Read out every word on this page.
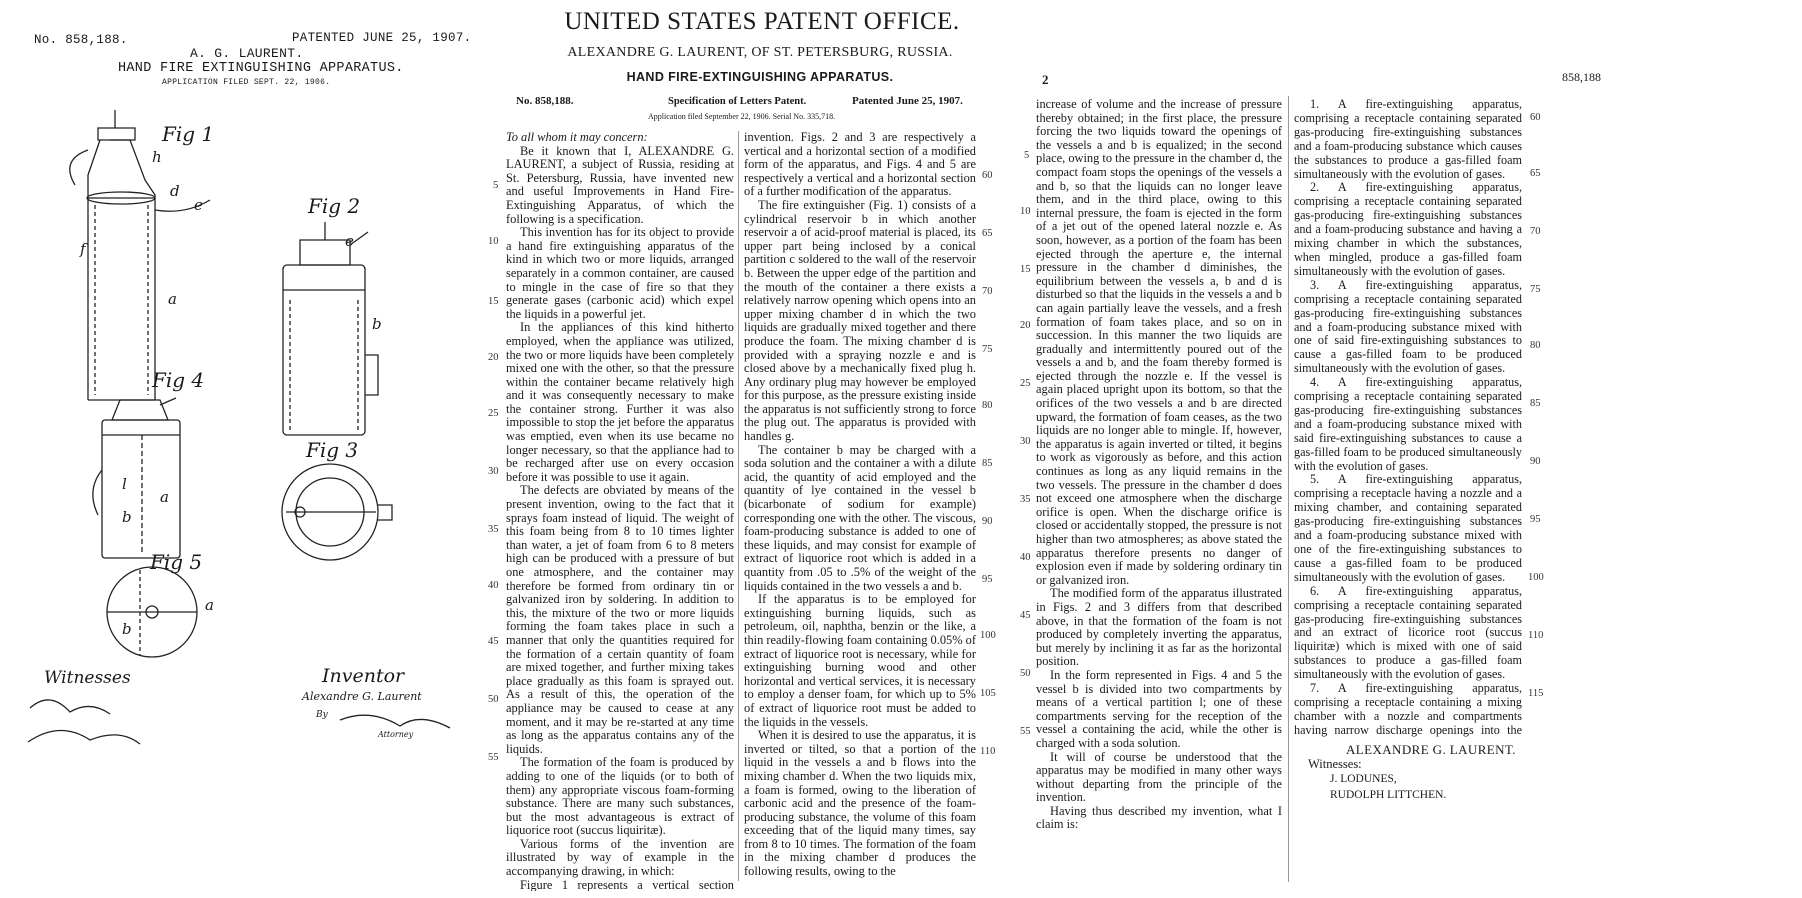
No. 858,188.	PATENTED JUNE 25, 1907.
A. G. LAURENT.
HAND FIRE EXTINGUISHING APPARATUS.
APPLICATION FILED SEPT. 22, 1906.
Fig 1
Fig 2
Fig 4
Fig 3
Fig 5
h
d
e
f
a
e
b
l
a
b
a
b
Witnesses	Inventor
Alexandre G. Laurent
By
Attorney
UNITED STATES PATENT OFFICE.
ALEXANDRE G. LAURENT, OF ST. PETERSBURG, RUSSIA.
HAND FIRE-EXTINGUISHING APPARATUS.
No. 858,188.	Specification of Letters Patent.	Patented June 25, 1907.
Application filed September 22, 1906. Serial No. 335,718.

To all whom it may concern:

Be it known that I, ALEXANDRE G. LAURENT, a subject of Russia, residing at St. Petersburg, Russia, have invented new and useful Improvements in Hand Fire-Extinguishing Apparatus, of which the following is a specification.

This invention has for its object to provide a hand fire extinguishing apparatus of the kind in which two or more liquids, arranged separately in a common container, are caused to mingle in the case of fire so that they generate gases (carbonic acid) which expel the liquids in a powerful jet.

In the appliances of this kind hitherto employed, when the appliance was utilized, the two or more liquids have been completely mixed one with the other, so that the pressure within the container became relatively high and it was consequently necessary to make the container strong. Further it was also impossible to stop the jet before the apparatus was emptied, even when its use became no longer necessary, so that the appliance had to be recharged after use on every occasion before it was possible to use it again.

The defects are obviated by means of the present invention, owing to the fact that it sprays foam instead of liquid. The weight of this foam being from 8 to 10 times lighter than water, a jet of foam from 6 to 8 meters high can be produced with a pressure of but one atmosphere, and the container may therefore be formed from ordinary tin or galvanized iron by soldering. In addition to this, the mixture of the two or more liquids forming the foam takes place in such a manner that only the quantities required for the formation of a certain quantity of foam are mixed together, and further mixing takes place gradually as this foam is sprayed out. As a result of this, the operation of the appliance may be caused to cease at any moment, and it may be re-started at any time as long as the apparatus contains any of the liquids.

The formation of the foam is produced by adding to one of the liquids (or to both of them) any appropriate viscous foam-forming substance. There are many such substances, but the most advantageous is extract of liquorice root (succus liquiritæ).

Various forms of the invention are illustrated by way of example in the accompanying drawing, in which:

Figure 1 represents a vertical section

invention. Figs. 2 and 3 are respectively a vertical and a horizontal section of a modified form of the apparatus, and Figs. 4 and 5 are respectively a vertical and a horizontal section of a further modification of the apparatus.

The fire extinguisher (Fig. 1) consists of a cylindrical reservoir b in which another reservoir a of acid-proof material is placed, its upper part being inclosed by a conical partition c soldered to the wall of the reservoir b. Between the upper edge of the partition and the mouth of the container a there exists a relatively narrow opening which opens into an upper mixing chamber d in which the two liquids are gradually mixed together and there produce the foam. The mixing chamber d is provided with a spraying nozzle e and is closed above by a mechanically fixed plug h. Any ordinary plug may however be employed for this purpose, as the pressure existing inside the apparatus is not sufficiently strong to force the plug out. The apparatus is provided with handles g.

The container b may be charged with a soda solution and the container a with a dilute acid, the quantity of acid employed and the quantity of lye contained in the vessel b (bicarbonate of sodium for example) corresponding one with the other. The viscous, foam-producing substance is added to one of these liquids, and may consist for example of extract of liquorice root which is added in a quantity from .05 to .5% of the weight of the liquids contained in the two vessels a and b.

If the apparatus is to be employed for extinguishing burning liquids, such as petroleum, oil, naphtha, benzin or the like, a thin readily-flowing foam containing 0.05% of extract of liquorice root is necessary, while for extinguishing burning wood and other horizontal and vertical services, it is necessary to employ a denser foam, for which up to 5% of extract of liquorice root must be added to the liquids in the vessels.

When it is desired to use the apparatus, it is inverted or tilted, so that a portion of the liquid in the vessels a and b flows into the mixing chamber d. When the two liquids mix, a foam is formed, owing to the liberation of carbonic acid and the presence of the foam-producing substance, the volume of this foam exceeding that of the liquid many times, say from 8 to 10 times. The formation of the foam in the mixing chamber d produces the following results, owing to the

5
10
15
20
25
30
35
40
45
50
55
60
65
70
75
80
85
90
95
100
105
110
2	858,188

increase of volume and the increase of pressure thereby obtained; in the first place, the pressure forcing the two liquids toward the openings of the vessels a and b is equalized; in the second place, owing to the pressure in the chamber d, the compact foam stops the openings of the vessels a and b, so that the liquids can no longer leave them, and in the third place, owing to this internal pressure, the foam is ejected in the form of a jet out of the opened lateral nozzle e. As soon, however, as a portion of the foam has been ejected through the aperture e, the internal pressure in the chamber d diminishes, the equilibrium between the vessels a, b and d is disturbed so that the liquids in the vessels a and b can again partially leave the vessels, and a fresh formation of foam takes place, and so on in succession. In this manner the two liquids are gradually and intermittently poured out of the vessels a and b, and the foam thereby formed is ejected through the nozzle e. If the vessel is again placed upright upon its bottom, so that the orifices of the two vessels a and b are directed upward, the formation of foam ceases, as the two liquids are no longer able to mingle. If, however, the apparatus is again inverted or tilted, it begins to work as vigorously as before, and this action continues as long as any liquid remains in the two vessels. The pressure in the chamber d does not exceed one atmosphere when the discharge orifice is open. When the discharge orifice is closed or accidentally stopped, the pressure is not higher than two atmospheres; as above stated the apparatus therefore presents no danger of explosion even if made by soldering ordinary tin or galvanized iron.

The modified form of the apparatus illustrated in Figs. 2 and 3 differs from that described above, in that the formation of the foam is not produced by completely inverting the apparatus, but merely by inclining it as far as the horizontal position.

In the form represented in Figs. 4 and 5 the vessel b is divided into two compartments by means of a vertical partition l; one of these compartments serving for the reception of the vessel a containing the acid, while the other is charged with a soda solution.

It will of course be understood that the apparatus may be modified in many other ways without departing from the principle of the invention.

Having thus described my invention, what I claim is:

1. A fire-extinguishing apparatus, comprising a receptacle containing separated gas-producing fire-extinguishing substances and a foam-producing substance which causes the substances to produce a gas-filled foam simultaneously with the evolution of gases.

2. A fire-extinguishing apparatus, comprising a receptacle containing separated gas-producing fire-extinguishing substances and a foam-producing substance and having a mixing chamber in which the substances, when mingled, produce a gas-filled foam simultaneously with the evolution of gases.

3. A fire-extinguishing apparatus, comprising a receptacle containing separated gas-producing fire-extinguishing substances and a foam-producing substance mixed with one of said fire-extinguishing substances to cause a gas-filled foam to be produced simultaneously with the evolution of gases.

4. A fire-extinguishing apparatus, comprising a receptacle containing separated gas-producing fire-extinguishing substances and a foam-producing substance mixed with said fire-extinguishing substances to cause a gas-filled foam to be produced simultaneously with the evolution of gases.

5. A fire-extinguishing apparatus, comprising a receptacle having a nozzle and a mixing chamber, and containing separated gas-producing fire-extinguishing substances and a foam-producing substance mixed with one of the fire-extinguishing substances to cause a gas-filled foam to be produced simultaneously with the evolution of gases.

6. A fire-extinguishing apparatus, comprising a receptacle containing separated gas-producing fire-extinguishing substances and an extract of licorice root (succus liquiritæ) which is mixed with one of said substances to produce a gas-filled foam simultaneously with the evolution of gases.

7. A fire-extinguishing apparatus, comprising a receptacle containing a mixing chamber with a nozzle and compartments having narrow discharge openings into the

ALEXANDRE G. LAURENT.
Witnesses:
J. LODUNES,
RUDOLPH LITTCHEN.
5
10
15
20
25
30
35
40
45
50
55
60
65
70
75
80
85
90
95
100
110
115
